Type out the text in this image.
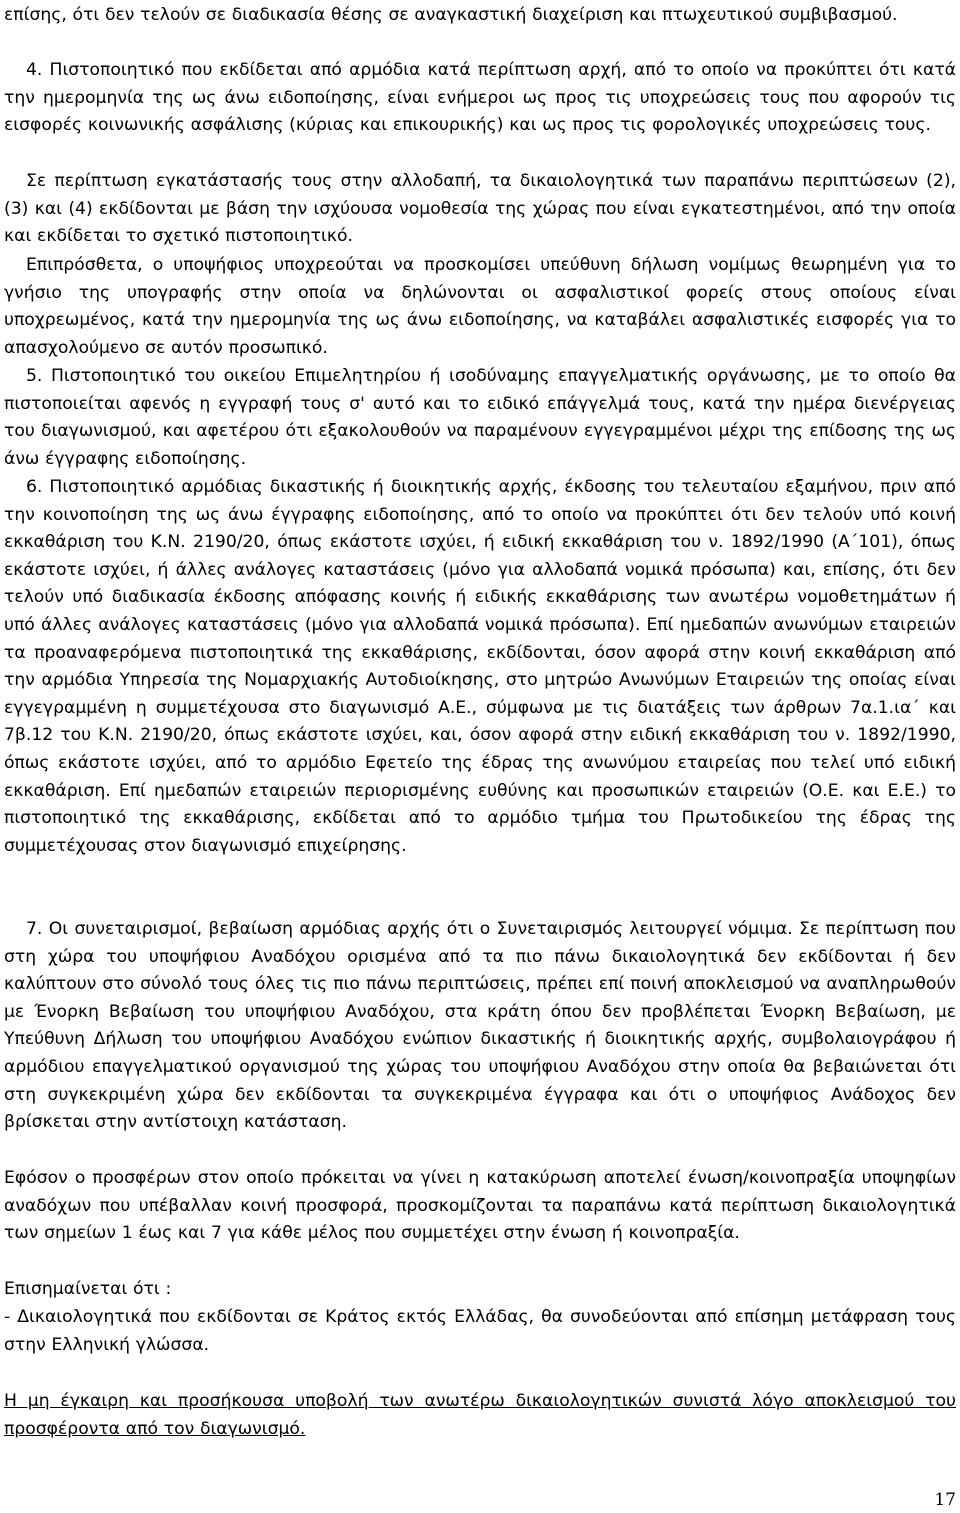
επίσης, ότι δεν τελούν σε διαδικασία θέσης σε αναγκαστική διαχείριση και πτωχευτικού συμβιβασμού.

4. Πιστοποιητικό που εκδίδεται από αρμόδια κατά περίπτωση αρχή, από το οποίο να προκύπτει ότι κατά την ημερομηνία της ως άνω ειδοποίησης, είναι ενήμεροι ως προς τις υποχρεώσεις τους που αφορούν τις εισφορές κοινωνικής ασφάλισης (κύριας και επικουρικής) και ως προς τις φορολογικές υποχρεώσεις τους.

Σε περίπτωση εγκατάστασής τους στην αλλοδαπή, τα δικαιολογητικά των παραπάνω περιπτώσεων (2), (3) και (4) εκδίδονται με βάση την ισχύουσα νομοθεσία της χώρας που είναι εγκατεστημένοι, από την οποία και εκδίδεται το σχετικό πιστοποιητικό.

Επιπρόσθετα, ο υποψήφιος υποχρεούται να προσκομίσει υπεύθυνη δήλωση νομίμως θεωρημένη για το γνήσιο της υπογραφής στην οποία να δηλώνονται οι ασφαλιστικοί φορείς στους οποίους είναι υποχρεωμένος, κατά την ημερομηνία της ως άνω ειδοποίησης, να καταβάλει ασφαλιστικές εισφορές για το απασχολούμενο σε αυτόν προσωπικό.

5. Πιστοποιητικό του οικείου Επιμελητηρίου ή ισοδύναμης επαγγελματικής οργάνωσης, με το οποίο θα πιστοποιείται αφενός η εγγραφή τους σ' αυτό και το ειδικό επάγγελμά τους, κατά την ημέρα διενέργειας του διαγωνισμού, και αφετέρου ότι εξακολουθούν να παραμένουν εγγεγραμμένοι μέχρι της επίδοσης της ως άνω έγγραφης ειδοποίησης.

6. Πιστοποιητικό αρμόδιας δικαστικής ή διοικητικής αρχής, έκδοσης του τελευταίου εξαμήνου, πριν από την κοινοποίηση της ως άνω έγγραφης ειδοποίησης, από το οποίο να προκύπτει ότι δεν τελούν υπό κοινή εκκαθάριση του Κ.Ν. 2190/20, όπως εκάστοτε ισχύει, ή ειδική εκκαθάριση του ν. 1892/1990 (Α΄101), όπως εκάστοτε ισχύει, ή άλλες ανάλογες καταστάσεις (μόνο για αλλοδαπά νομικά πρόσωπα) και, επίσης, ότι δεν τελούν υπό διαδικασία έκδοσης απόφασης κοινής ή ειδικής εκκαθάρισης των ανωτέρω νομοθετημάτων ή υπό άλλες ανάλογες καταστάσεις (μόνο για αλλοδαπά νομικά πρόσωπα). Επί ημεδαπών ανωνύμων εταιρειών τα προαναφερόμενα πιστοποιητικά της εκκαθάρισης, εκδίδονται, όσον αφορά στην κοινή εκκαθάριση από την αρμόδια Υπηρεσία της Νομαρχιακής Αυτοδιοίκησης, στο μητρώο Ανωνύμων Εταιρειών της οποίας είναι εγγεγραμμένη η συμμετέχουσα στο διαγωνισμό Α.Ε., σύμφωνα με τις διατάξεις των άρθρων 7α.1.ια΄ και 7β.12 του Κ.Ν. 2190/20, όπως εκάστοτε ισχύει, και, όσον αφορά στην ειδική εκκαθάριση του ν. 1892/1990, όπως εκάστοτε ισχύει, από το αρμόδιο Εφετείο της έδρας της ανωνύμου εταιρείας που τελεί υπό ειδική εκκαθάριση. Επί ημεδαπών εταιρειών περιορισμένης ευθύνης και προσωπικών εταιρειών (Ο.Ε. και Ε.Ε.) το πιστοποιητικό της εκκαθάρισης, εκδίδεται από το αρμόδιο τμήμα του Πρωτοδικείου της έδρας της συμμετέχουσας στον διαγωνισμό επιχείρησης.

7. Οι συνεταιρισμοί, βεβαίωση αρμόδιας αρχής ότι ο Συνεταιρισμός λειτουργεί νόμιμα. Σε περίπτωση που στη χώρα του υποψήφιου Αναδόχου ορισμένα από τα πιο πάνω δικαιολογητικά δεν εκδίδονται ή δεν καλύπτουν στο σύνολό τους όλες τις πιο πάνω περιπτώσεις, πρέπει επί ποινή αποκλεισμού να αναπληρωθούν με Ένορκη Βεβαίωση του υποψήφιου Αναδόχου, στα κράτη όπου δεν προβλέπεται Ένορκη Βεβαίωση, με Υπεύθυνη Δήλωση του υποψήφιου Αναδόχου ενώπιον δικαστικής ή διοικητικής αρχής, συμβολαιογράφου ή αρμόδιου επαγγελματικού οργανισμού της χώρας του υποψήφιου Αναδόχου στην οποία θα βεβαιώνεται ότι στη συγκεκριμένη χώρα δεν εκδίδονται τα συγκεκριμένα έγγραφα και ότι ο υποψήφιος Ανάδοχος δεν βρίσκεται στην αντίστοιχη κατάσταση.

Εφόσον ο προσφέρων στον οποίο πρόκειται να γίνει η κατακύρωση αποτελεί ένωση/κοινοπραξία υποψηφίων αναδόχων που υπέβαλλαν κοινή προσφορά, προσκομίζονται τα παραπάνω κατά περίπτωση δικαιολογητικά των σημείων 1 έως και 7 για κάθε μέλος που συμμετέχει στην ένωση ή κοινοπραξία.

Επισημαίνεται ότι :

- Δικαιολογητικά που εκδίδονται σε Κράτος εκτός Ελλάδας, θα συνοδεύονται από επίσημη μετάφραση τους στην Ελληνική γλώσσα.

Η μη έγκαιρη και προσήκουσα υποβολή των ανωτέρω δικαιολογητικών συνιστά λόγο αποκλεισμού του προσφέροντα από τον διαγωνισμό.

17
